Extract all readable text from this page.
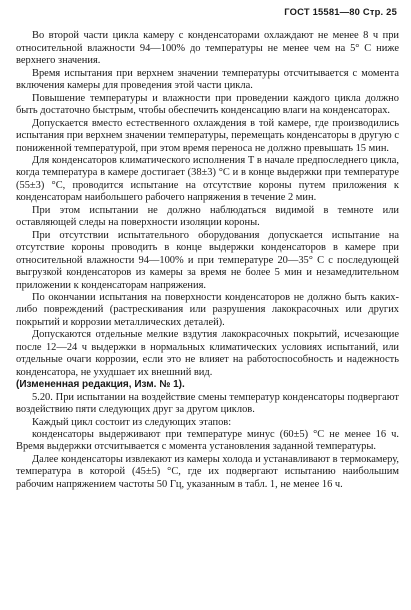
ГОСТ 15581—80 Стр. 25

Во второй части цикла камеру с конденсаторами охлаждают не менее 8 ч при относительной влажности 94—100% до температуры не менее чем на 5° С ниже верхнего значения.

Время испытания при верхнем значении температуры отсчитывается с момента включения камеры для проведения этой части цикла.

Повышение температуры и влажности при проведении каждого цикла должно быть достаточно быстрым, чтобы обеспечить конденсацию влаги на конденсаторах.

Допускается вместо естественного охлаждения в той камере, где производились испытания при верхнем значении температуры, перемещать конденсаторы в другую с пониженной температурой, при этом время переноса не должно превышать 15 мин.

Для конденсаторов климатического исполнения Т в начале предпоследнего цикла, когда температура в камере достигает (38±3) °С и в конце выдержки при температуре (55±3) °С, проводится испытание на отсутствие короны путем приложения к конденсаторам наибольшего рабочего напряжения в течение 2 мин.

При этом испытании не должно наблюдаться видимой в темноте или оставляющей следы на поверхности изоляции короны.

При отсутствии испытательного оборудования допускается испытание на отсутствие короны проводить в конце выдержки конденсаторов в камере при относительной влажности 94—100% и при температуре 20—35° С с последующей выгрузкой конденсаторов из камеры за время не более 5 мин и незамедлительном приложении к конденсаторам напряжения.

По окончании испытания на поверхности конденсаторов не должно быть каких-либо повреждений (растрескивания или разрушения лакокрасочных или других покрытий и коррозии металлических деталей).

Допускаются отдельные мелкие вздутия лакокрасочных покрытий, исчезающие после 12—24 ч выдержки в нормальных климатических условиях испытаний, или отдельные очаги коррозии, если это не влияет на работоспособность и надежность конденсатора, не ухудшает их внешний вид.

(Измененная редакция, Изм. № 1).

5.20. При испытании на воздействие смены температур конденсаторы подвергают воздействию пяти следующих друг за другом циклов.

Каждый цикл состоит из следующих этапов:

конденсаторы выдерживают при температуре минус (60±5) °С не менее 16 ч. Время выдержки отсчитывается с момента установления заданной температуры.

Далее конденсаторы извлекают из камеры холода и устанавливают в термокамеру, температура в которой (45±5) °С, где их подвергают испытанию наибольшим рабочим напряжением частоты 50 Гц, указанным в табл. 1, не менее 16 ч.
